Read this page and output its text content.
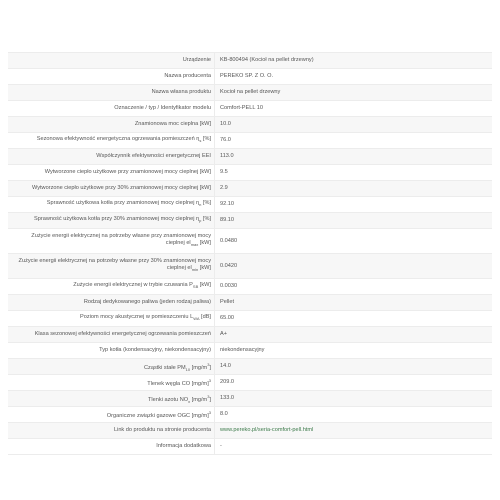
Urządzenie	KB-800494 (Kocioł na pellet drzewny)
Nazwa producenta	PEREKO SP. Z O. O.
Nazwa własna produktu	Kocioł na pellet drzewny
Oznaczenie / typ / Identyfikator modelu	Comfort-PELL 10
Znamionowa moc cieplna [kW]	10.0
Sezonowa efektywność energetyczna ogrzewania pomieszczeń $\eta_s$ [%]	76.0
Współczynnik efektywności energetycznej EEI	113.0
Wytworzone ciepło użytkowe przy znamionowej mocy cieplnej [kW]	9.5
Wytworzone ciepło użytkowe przy 30% znamionowej mocy cieplnej [kW]	2.9
Sprawność użytkowa kotła przy znamionowej mocy cieplnej $\eta_n$ [%]	92.10
Sprawność użytkowa kotła przy 30% znamionowej mocy cieplnej $\eta_p$ [%]	89.10
Zużycie energii elektrycznej na potrzeby własne przy znamionowej mocy cieplnej $el_{max}$ [kW]	0.0480
Zużycie energii elektrycznej na potrzeby własne przy 30% znamionowej mocy cieplnej $el_{min}$ [kW]	0.0420
Zużycie energii elektrycznej w trybie czuwania $P_{SB}$ [kW]	0.0030
Rodzaj dedykowanego paliwa (jeden rodzaj paliwa)	Pellet
Poziom mocy akustycznej w pomieszczeniu $L_{WA}$ [dB]	65.00
Klasa sezonowej efektywności energetycznej ogrzewania pomieszczeń	A+
Typ kotła (kondensacyjny, niekondensacyjny)	niekondensacyjny
Cząstki stałe $PM_{10}$ $[mg/m^3]$	14.0
Tlenek węgla CO $[mg/m]^3$	209.0
Tlenki azotu $NO_x$ $[mg/m^3]$	133.0
Organiczne związki gazowe OGC $[mg/m]^3$	8.0
Link do produktu na stronie producenta	www.pereko.pl/seria-comfort-pell.html
Informacja dodatkowa	-
